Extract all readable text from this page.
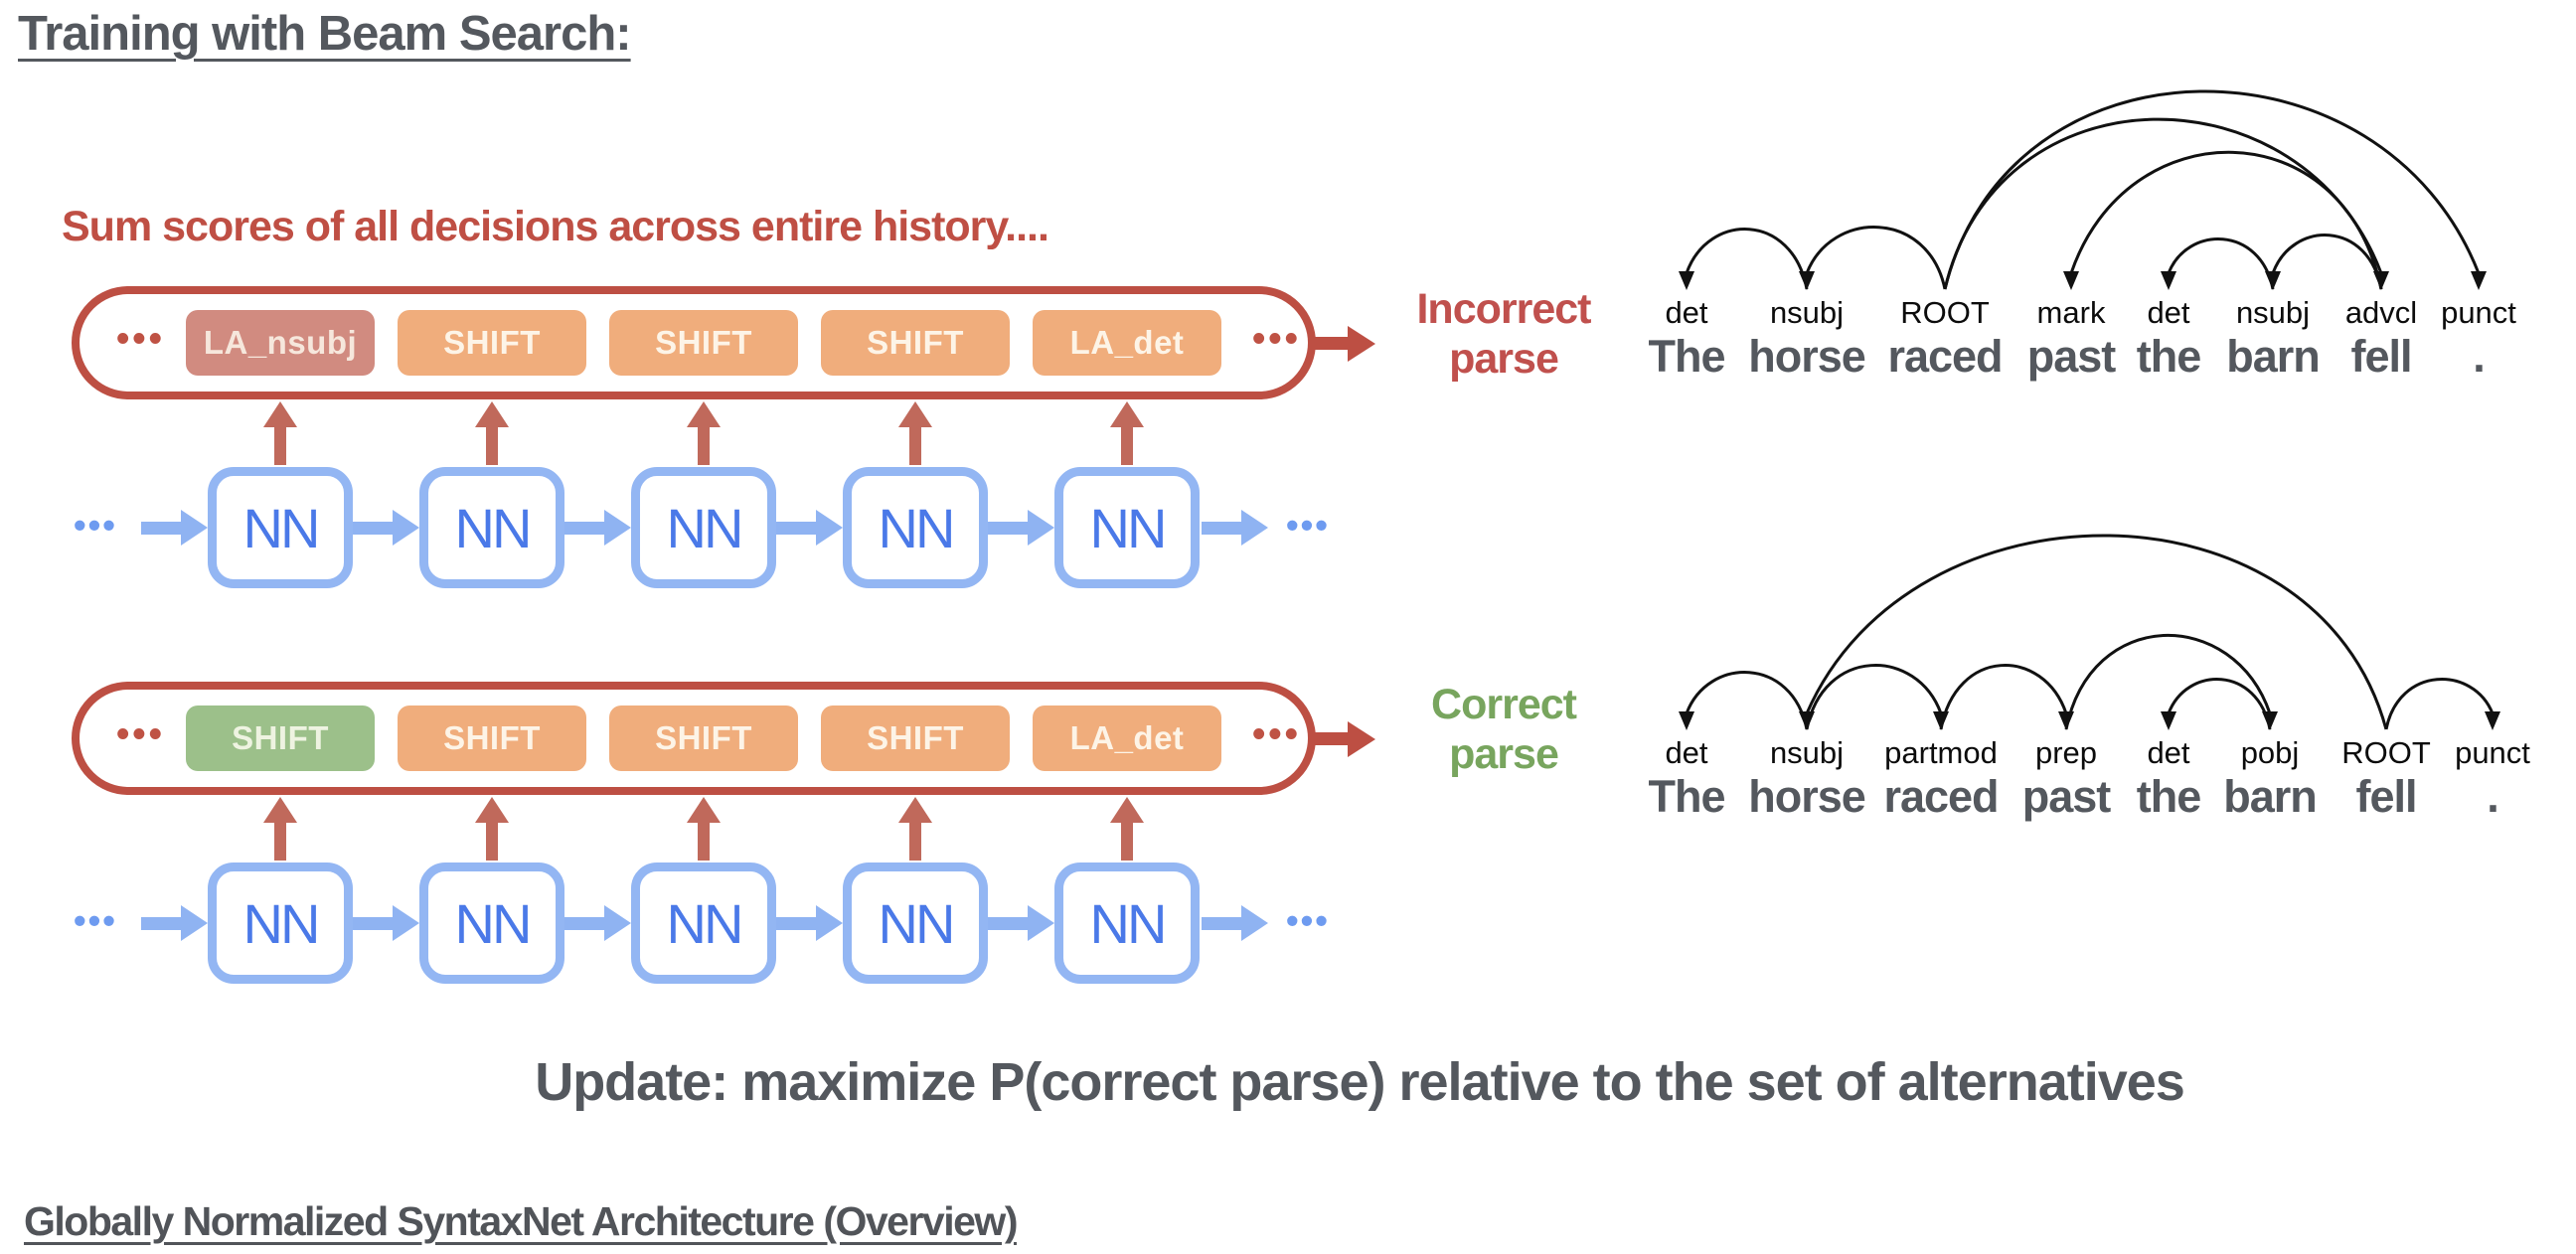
Training with Beam Search:
Sum scores of all decisions across entire history....
••• LA_nsubj	SHIFT	SHIFT	SHIFT	LA_det •••
Incorrect
parse
•••	NN	NN	NN	NN	NN	•••
••• SHIFT	SHIFT	SHIFT	SHIFT	LA_det •••
Correct
parse
•••	NN	NN	NN	NN	NN	•••
det nsubj ROOT mark det nsubj advcl punct
The horse raced past the barn fell .
det nsubj partmod prep det pobj ROOT punct
The horse raced past the barn fell .
Update: maximize P(correct parse) relative to the set of alternatives
Globally Normalized SyntaxNet Architecture (Overview)
